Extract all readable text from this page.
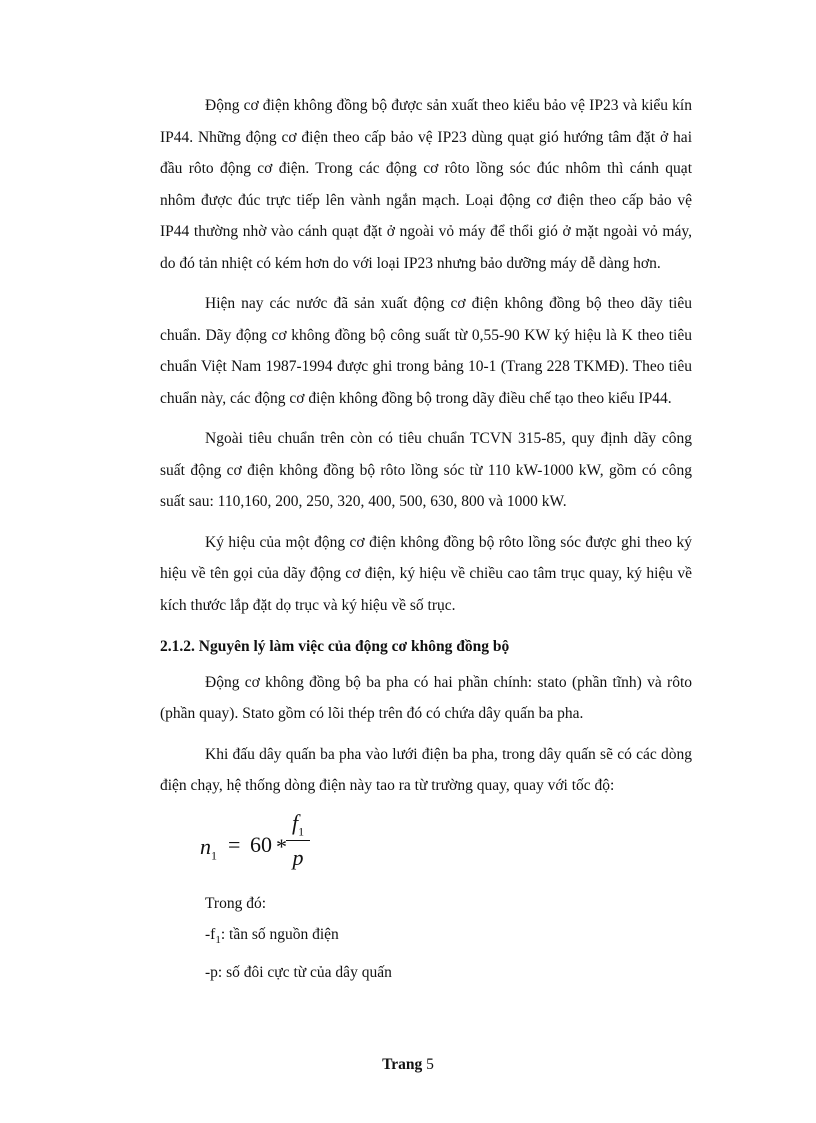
Động cơ điện không đồng bộ được sản xuất theo kiểu bảo vệ IP23 và kiểu kín IP44. Những động cơ điện theo cấp bảo vệ IP23 dùng quạt gió hướng tâm đặt ở hai đầu rôto động cơ điện. Trong các động cơ rôto lồng sóc đúc nhôm thì cánh quạt nhôm được đúc trực tiếp lên vành ngắn mạch. Loại động cơ điện theo cấp bảo vệ IP44 thường nhờ vào cánh quạt đặt ở ngoài vỏ máy để thổi gió ở mặt ngoài vỏ máy, do đó tản nhiệt có kém hơn do với loại IP23 nhưng bảo dưỡng máy dễ dàng hơn.

Hiện nay các nước đã sản xuất động cơ điện không đồng bộ theo dãy tiêu chuẩn. Dãy động cơ không đồng bộ công suất từ 0,55-90 KW ký hiệu là K theo tiêu chuẩn Việt Nam 1987-1994 được ghi trong bảng 10-1 (Trang 228 TKMĐ). Theo tiêu chuẩn này, các động cơ điện không đồng bộ trong dãy điều chế tạo theo kiểu IP44.

Ngoài tiêu chuẩn trên còn có tiêu chuẩn TCVN 315-85, quy định dãy công suất động cơ điện không đồng bộ rôto lồng sóc từ 110 kW-1000 kW, gồm có công suất sau: 110,160, 200, 250, 320, 400, 500, 630, 800 và 1000 kW.

Ký hiệu của một động cơ điện không đồng bộ rôto lồng sóc được ghi theo ký hiệu về tên gọi của dãy động cơ điện, ký hiệu về chiều cao tâm trục quay, ký hiệu về kích thước lắp đặt dọ trục và ký hiệu về số trục.

2.1.2. Nguyên lý làm việc của động cơ không đồng bộ

Động cơ không đồng bộ ba pha có hai phần chính: stato (phần tĩnh) và rôto (phần quay). Stato gồm có lõi thép trên đó có chứa dây quấn ba pha.

Khi đấu dây quấn ba pha vào lưới điện ba pha, trong dây quấn sẽ có các dòng điện chạy, hệ thống dòng điện này tao ra từ trường quay, quay với tốc độ:

$n_1 = 60$ *
$f_1$
p

Trong đó:

$-f_1$: tần số nguồn điện

-p: số đôi cực từ của dây quấn

Trang 5
